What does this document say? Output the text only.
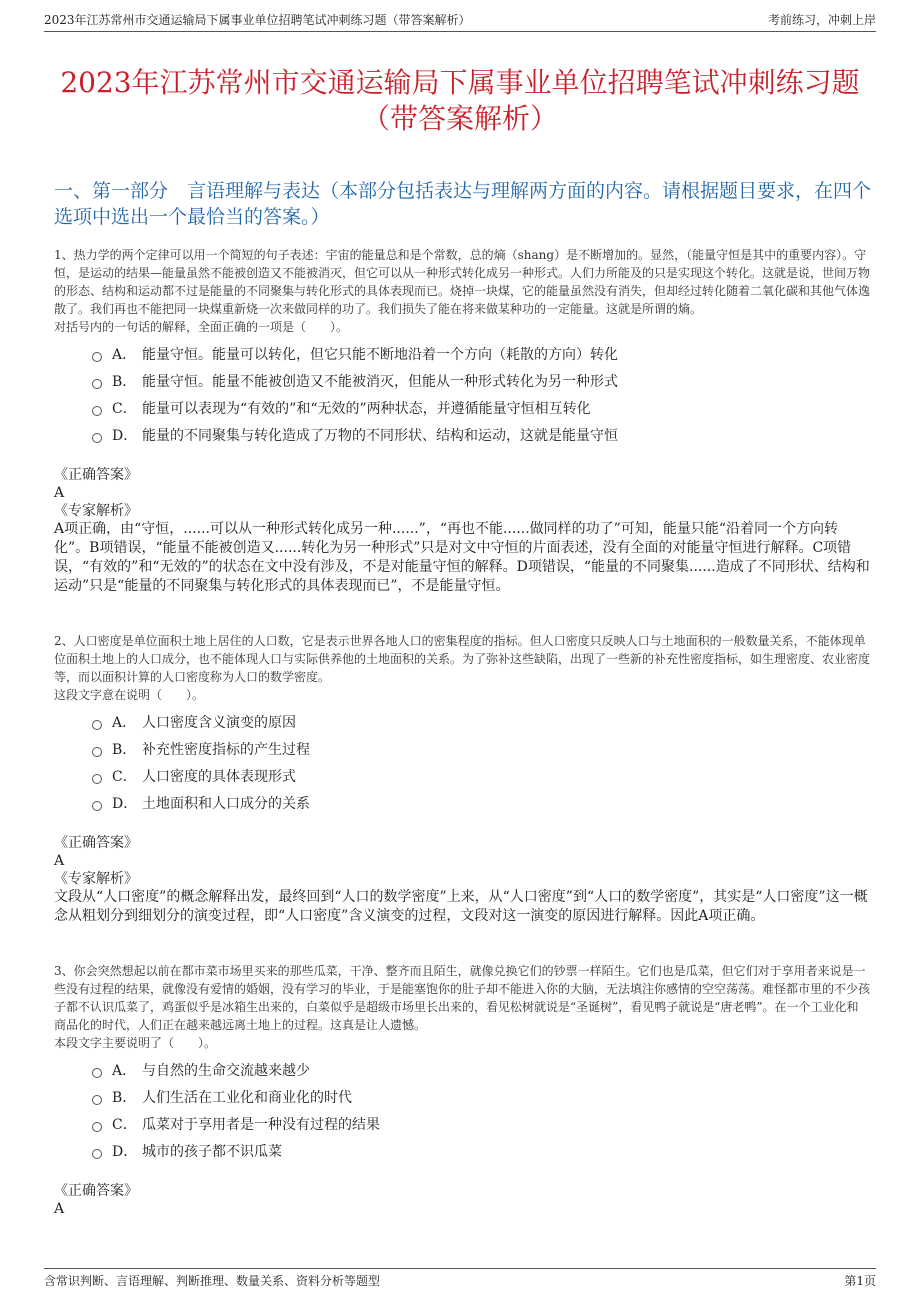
2023年江苏常州市交通运输局下属事业单位招聘笔试冲刺练习题（带答案解析）	考前练习，冲刺上岸
2023年江苏常州市交通运输局下属事业单位招聘笔试冲刺练习题（带答案解析）
一、第一部分　言语理解与表达（本部分包括表达与理解两方面的内容。请根据题目要求，在四个选项中选出一个最恰当的答案。）
1、热力学的两个定律可以用一个简短的句子表述：宇宙的能量总和是个常数，总的熵（shang）是不断增加的。显然，（能量守恒是其中的重要内容）。守恒，是运动的结果—能量虽然不能被创造又不能被消灭，但它可以从一种形式转化成另一种形式。人们力所能及的只是实现这个转化。这就是说，世间万物的形态、结构和运动都不过是能量的不同聚集与转化形式的具体表现而已。烧掉一块煤，它的能量虽然没有消失，但却经过转化随着二氧化碳和其他气体逸散了。我们再也不能把同一块煤重新烧一次来做同样的功了。我们损失了能在将来做某种功的一定能量。这就是所谓的熵。
对括号内的一句话的解释，全面正确的一项是（　　）。
A． 能量守恒。能量可以转化，但它只能不断地沿着一个方向（耗散的方向）转化
B． 能量守恒。能量不能被创造又不能被消灭，但能从一种形式转化为另一种形式
C． 能量可以表现为“有效的”和“无效的”两种状态，并遵循能量守恒相互转化
D． 能量的不同聚集与转化造成了万物的不同形状、结构和运动，这就是能量守恒
《正确答案》
A
《专家解析》
A项正确，由“守恒，......可以从一种形式转化成另一种......”，“再也不能......做同样的功了”可知，能量只能“沿着同一个方向转化”。B项错误，“能量不能被创造又......转化为另一种形式”只是对文中守恒的片面表述，没有全面的对能量守恒进行解释。C项错误，“有效的”和“无效的”的状态在文中没有涉及，不是对能量守恒的解释。D项错误，“能量的不同聚集......造成了不同形状、结构和运动”只是“能量的不同聚集与转化形式的具体表现而已”，不是能量守恒。
2、人口密度是单位面积土地上居住的人口数，它是表示世界各地人口的密集程度的指标。但人口密度只反映人口与土地面积的一般数量关系，不能体现单位面积土地上的人口成分，也不能体现人口与实际供养他的土地面积的关系。为了弥补这些缺陷，出现了一些新的补充性密度指标，如生理密度、农业密度等，而以面积计算的人口密度称为人口的数学密度。
这段文字意在说明（　　）。
A． 人口密度含义演变的原因
B． 补充性密度指标的产生过程
C． 人口密度的具体表现形式
D． 土地面积和人口成分的关系
《正确答案》
A
《专家解析》
文段从“人口密度”的概念解释出发，最终回到“人口的数学密度”上来，从“人口密度”到“人口的数学密度”，其实是“人口密度”这一概念从粗划分到细划分的演变过程，即“人口密度”含义演变的过程，文段对这一演变的原因进行解释。因此A项正确。
3、你会突然想起以前在都市菜市场里买来的那些瓜菜，干净、整齐而且陌生，就像兑换它们的钞票一样陌生。它们也是瓜菜，但它们对于享用者来说是一些没有过程的结果，就像没有爱情的婚姻，没有学习的毕业，于是能塞饱你的肚子却不能进入你的大脑，无法填注你感情的空空荡荡。难怪都市里的不少孩子都不认识瓜菜了，鸡蛋似乎是冰箱生出来的，白菜似乎是超级市场里长出来的，看见松树就说是“圣诞树”，看见鸭子就说是“唐老鸭”。在一个工业化和商品化的时代，人们正在越来越远离土地上的过程。这真是让人遗憾。
本段文字主要说明了（　　）。
A． 与自然的生命交流越来越少
B． 人们生活在工业化和商业化的时代
C． 瓜菜对于享用者是一种没有过程的结果
D． 城市的孩子都不识瓜菜
《正确答案》
A
含常识判断、言语理解、判断推理、数量关系、资料分析等题型	第1页
